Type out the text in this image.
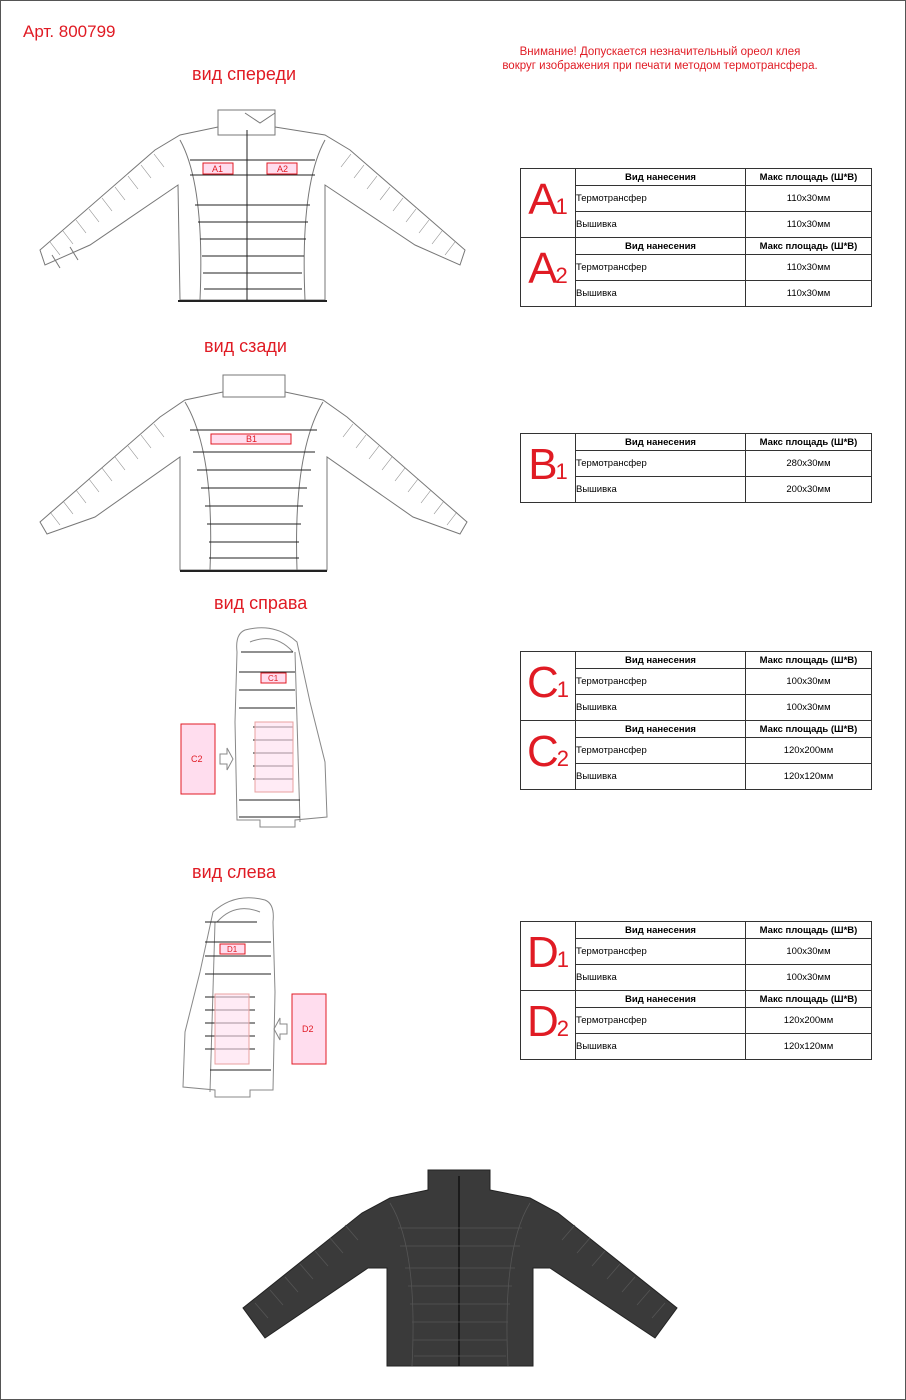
Арт. 800799
Внимание! Допускается незначительный ореол клея
вокруг изображения при печати методом термотрансфера.
вид спереди
вид сзади
вид справа
вид слева
A1	A2
B1
C1
C2
D1
D2
A1	Вид нанесения	Макс площадь (Ш*В)
	Термотрансфер	110x30мм
	Вышивка	110x30мм
A2	Вид нанесения	Макс площадь (Ш*В)
	Термотрансфер	110x30мм
	Вышивка	110x30мм
B1	Вид нанесения	Макс площадь (Ш*В)
	Термотрансфер	280x30мм
	Вышивка	200x30мм
C1	Вид нанесения	Макс площадь (Ш*В)
	Термотрансфер	100x30мм
	Вышивка	100x30мм
C2	Вид нанесения	Макс площадь (Ш*В)
	Термотрансфер	120x200мм
	Вышивка	120x120мм
D1	Вид нанесения	Макс площадь (Ш*В)
	Термотрансфер	100x30мм
	Вышивка	100x30мм
D2	Вид нанесения	Макс площадь (Ш*В)
	Термотрансфер	120x200мм
	Вышивка	120x120мм
